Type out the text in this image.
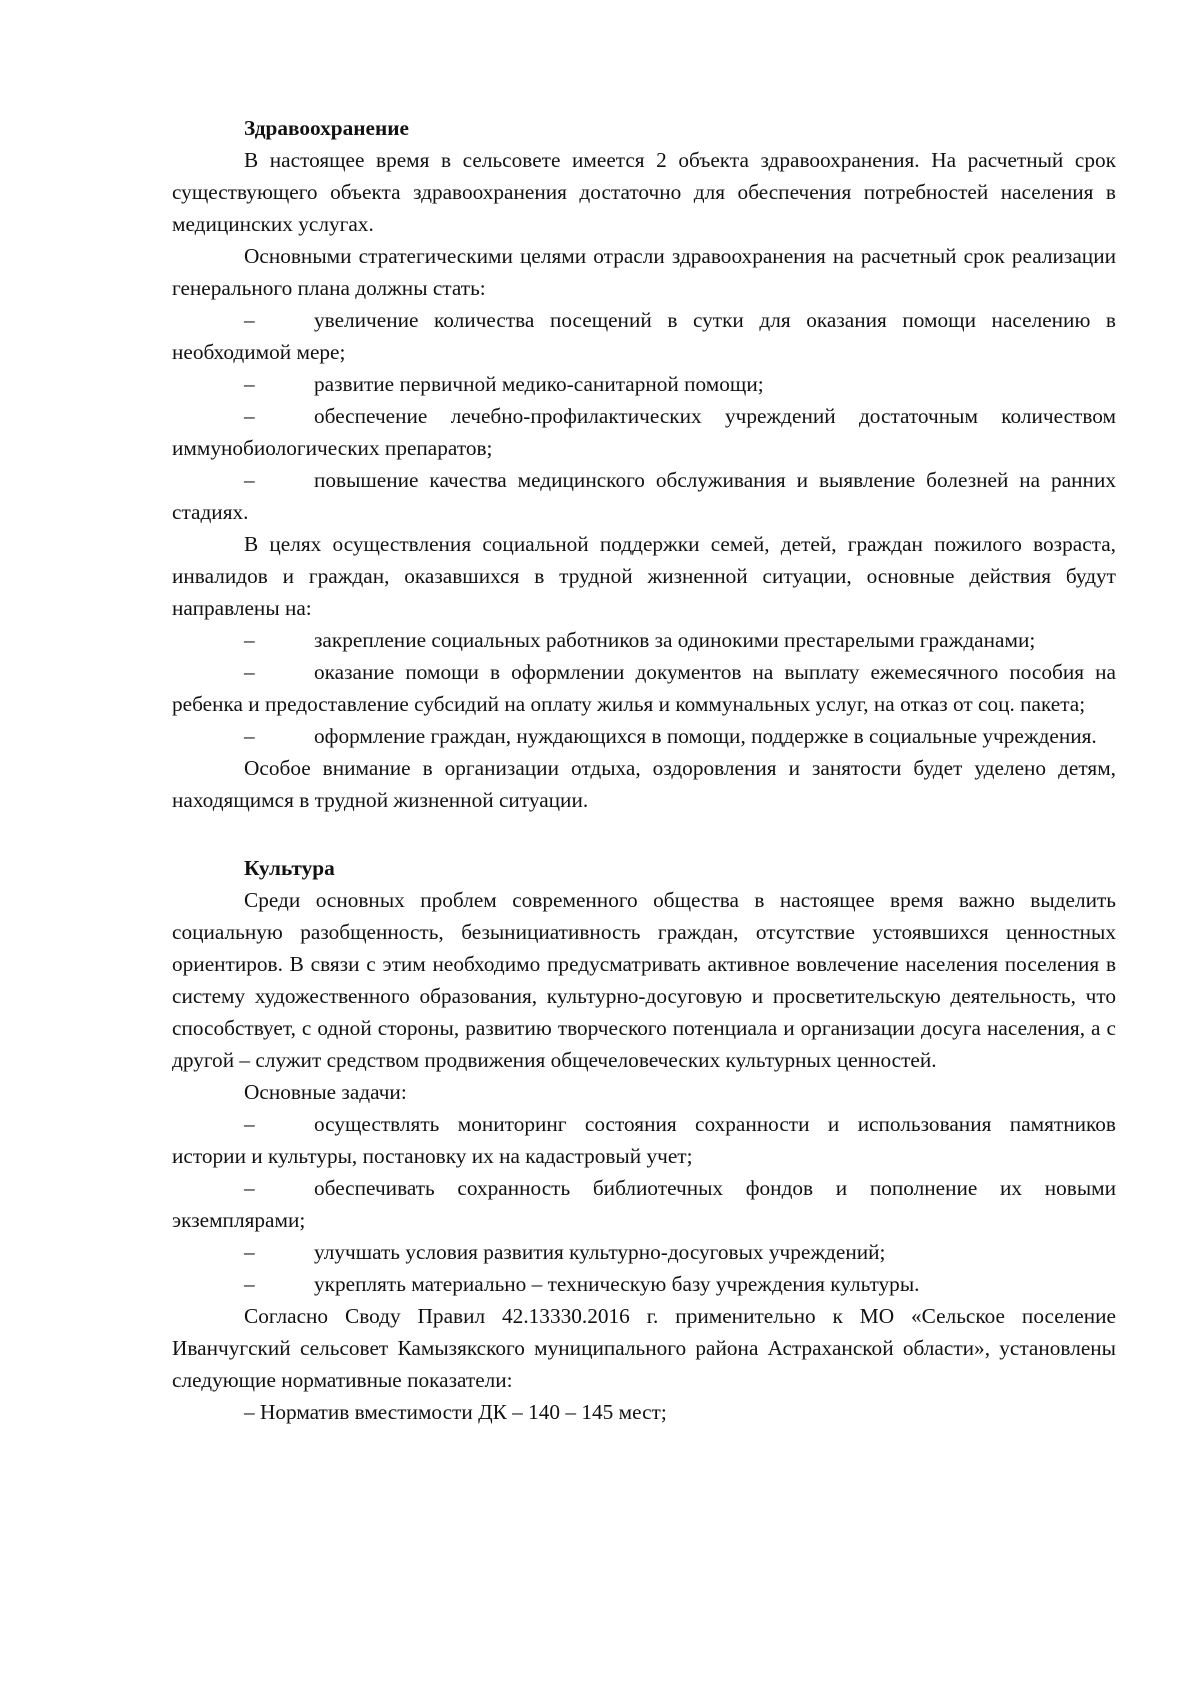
Здравоохранение

В настоящее время в сельсовете имеется 2 объекта здравоохранения. На расчетный срок существующего объекта здравоохранения достаточно для обеспечения потребностей населения в медицинских услугах.

Основными стратегическими целями отрасли здравоохранения на расчетный срок реализации генерального плана должны стать:

–	увеличение количества посещений в сутки для оказания помощи населению в необходимой мере;

–	развитие первичной медико-санитарной помощи;

–	обеспечение лечебно-профилактических учреждений достаточным количеством иммунобиологических препаратов;

–	повышение качества медицинского обслуживания и выявление болезней на ранних стадиях.

В целях осуществления социальной поддержки семей, детей, граждан пожилого возраста, инвалидов и граждан, оказавшихся в трудной жизненной ситуации, основные действия будут направлены на:

–	закрепление социальных работников за одинокими престарелыми гражданами;

–	оказание помощи в оформлении документов на выплату ежемесячного пособия на ребенка и предоставление субсидий на оплату жилья и коммунальных услуг, на отказ от соц. пакета;

–	оформление граждан, нуждающихся в помощи, поддержке в социальные учреждения.

Особое внимание в организации отдыха, оздоровления и занятости будет уделено детям, находящимся в трудной жизненной ситуации.

Культура

Среди основных проблем современного общества в настоящее время важно выделить социальную разобщенность, безынициативность граждан, отсутствие устоявшихся ценностных ориентиров. В связи с этим необходимо предусматривать активное вовлечение населения поселения в систему художественного образования, культурно-досуговую и просветительскую деятельность, что способствует, с одной стороны, развитию творческого потенциала и организации досуга населения, а с другой – служит средством продвижения общечеловеческих культурных ценностей.

Основные задачи:

–	осуществлять мониторинг состояния сохранности и использования памятников истории и культуры, постановку их на кадастровый учет;

–	обеспечивать сохранность библиотечных фондов и пополнение их новыми экземплярами;

–	улучшать условия развития культурно-досуговых учреждений;

–	укреплять материально – техническую базу учреждения культуры.

Согласно Своду Правил 42.13330.2016 г. применительно к МО «Сельское поселение Иванчугский сельсовет Камызякского муниципального района Астраханской области», установлены следующие нормативные показатели:

– Норматив вместимости ДК – 140 – 145 мест;
